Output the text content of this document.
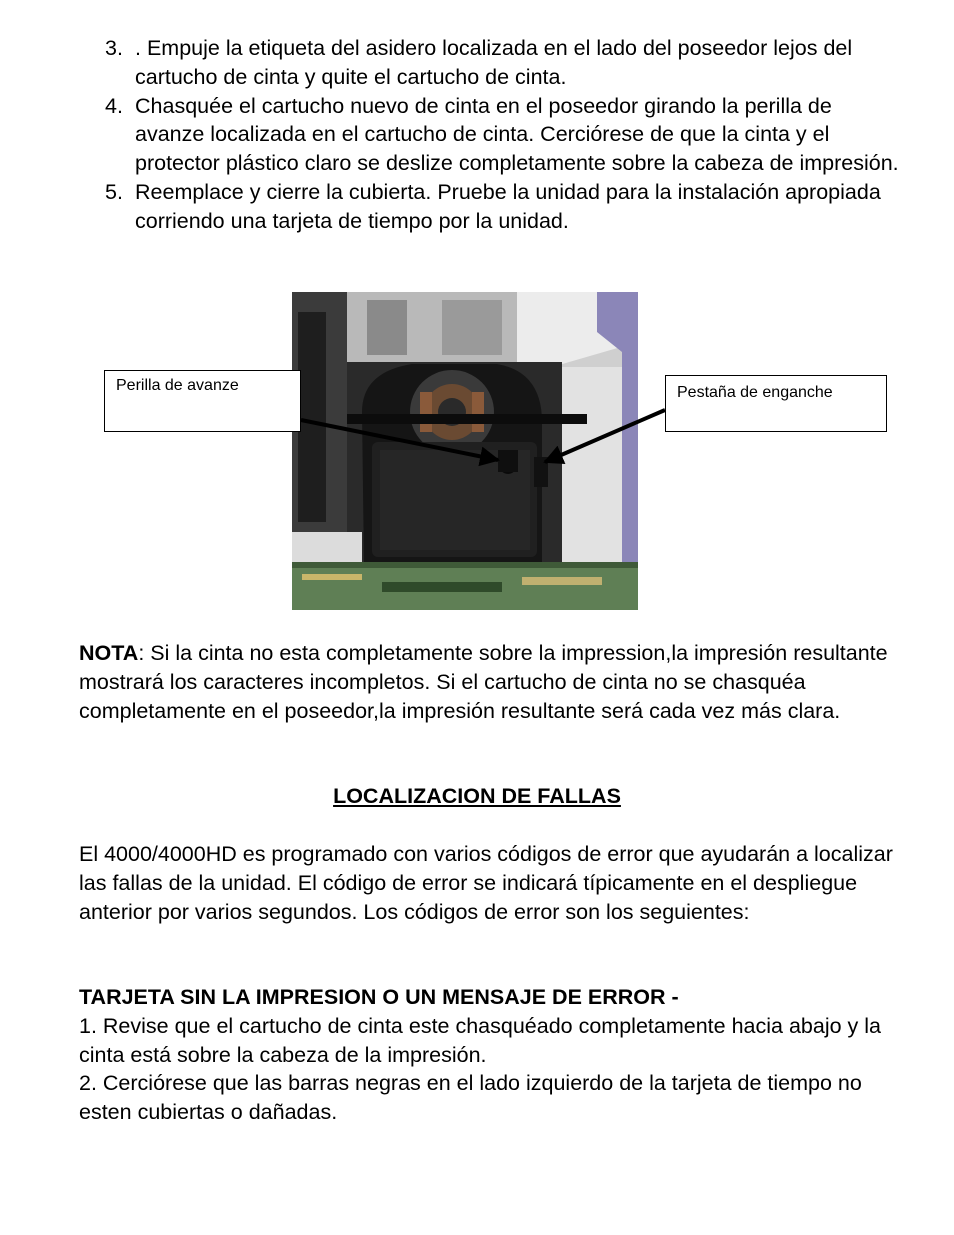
3. . Empuje la etiqueta del asidero localizada en el lado del poseedor lejos del cartucho de cinta y quite el cartucho de cinta.
4. Chasquée el cartucho nuevo de cinta en el poseedor girando la perilla de avanze localizada en el cartucho de cinta. Cerciórese de que la cinta y el protector plástico claro se deslize completamente sobre la cabeza de impresión.
5. Reemplace y cierre la cubierta. Pruebe la unidad para la instalación apropiada corriendo una tarjeta de tiempo por la unidad.
Perilla de avanze	Pestaña de enganche

NOTA: Si la cinta no esta completamente sobre la impression,la impresión resultante mostrará los caracteres incompletos. Si el cartucho de cinta no se chasquéa completamente en el poseedor,la impresión resultante será cada vez más clara.

LOCALIZACION DE FALLAS

El 4000/4000HD es programado con varios códigos de error que ayudarán a localizar las fallas de la unidad. El código de error se indicará típicamente en el despliegue anterior por varios segundos. Los códigos de error son los seguientes:

TARJETA SIN LA IMPRESION O UN MENSAJE DE ERROR -

1. Revise que el cartucho de cinta este chasquéado completamente hacia abajo y la cinta está sobre la cabeza de la impresión.

2. Cerciórese que las barras negras en el lado izquierdo de la tarjeta de tiempo no esten cubiertas o dañadas.
